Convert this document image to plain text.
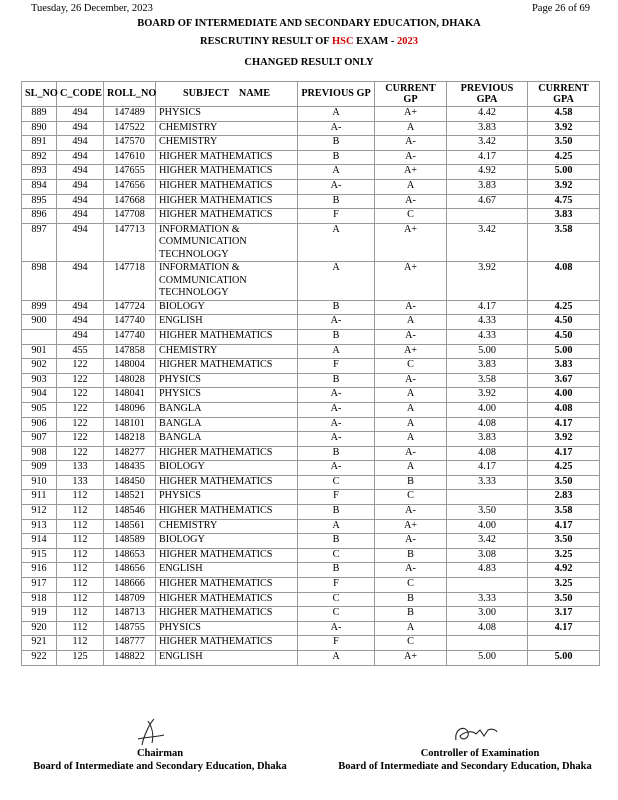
Tuesday, 26 December, 2023	Page 26 of 69
BOARD OF INTERMEDIATE AND SECONDARY EDUCATION, DHAKA
RESCRUTINY RESULT OF HSC EXAM - 2023
CHANGED RESULT ONLY
SL_NO	C_CODE	ROLL_NO	SUBJECT    NAME	PREVIOUS GP	CURRENT GP	PREVIOUS GPA	CURRENT GPA
889	494	147489	PHYSICS	A	A+	4.42	4.58
890	494	147522	CHEMISTRY	A-	A	3.83	3.92
891	494	147570	CHEMISTRY	B	A-	3.42	3.50
892	494	147610	HIGHER MATHEMATICS	B	A-	4.17	4.25
893	494	147655	HIGHER MATHEMATICS	A	A+	4.92	5.00
894	494	147656	HIGHER MATHEMATICS	A-	A	3.83	3.92
895	494	147668	HIGHER MATHEMATICS	B	A-	4.67	4.75
896	494	147708	HIGHER MATHEMATICS	F	C		3.83
897	494	147713	INFORMATION & COMMUNICATION TECHNOLOGY	A	A+	3.42	3.58
898	494	147718	INFORMATION & COMMUNICATION TECHNOLOGY	A	A+	3.92	4.08
899	494	147724	BIOLOGY	B	A-	4.17	4.25
900	494	147740	ENGLISH	A-	A	4.33	4.50
	494	147740	HIGHER MATHEMATICS	B	A-	4.33	4.50
901	455	147858	CHEMISTRY	A	A+	5.00	5.00
902	122	148004	HIGHER MATHEMATICS	F	C	3.83	3.83
903	122	148028	PHYSICS	B	A-	3.58	3.67
904	122	148041	PHYSICS	A-	A	3.92	4.00
905	122	148096	BANGLA	A-	A	4.00	4.08
906	122	148101	BANGLA	A-	A	4.08	4.17
907	122	148218	BANGLA	A-	A	3.83	3.92
908	122	148277	HIGHER MATHEMATICS	B	A-	4.08	4.17
909	133	148435	BIOLOGY	A-	A	4.17	4.25
910	133	148450	HIGHER MATHEMATICS	C	B	3.33	3.50
911	112	148521	PHYSICS	F	C		2.83
912	112	148546	HIGHER MATHEMATICS	B	A-	3.50	3.58
913	112	148561	CHEMISTRY	A	A+	4.00	4.17
914	112	148589	BIOLOGY	B	A-	3.42	3.50
915	112	148653	HIGHER MATHEMATICS	C	B	3.08	3.25
916	112	148656	ENGLISH	B	A-	4.83	4.92
917	112	148666	HIGHER MATHEMATICS	F	C		3.25
918	112	148709	HIGHER MATHEMATICS	C	B	3.33	3.50
919	112	148713	HIGHER MATHEMATICS	C	B	3.00	3.17
920	112	148755	PHYSICS	A-	A	4.08	4.17
921	112	148777	HIGHER MATHEMATICS	F	C		
922	125	148822	ENGLISH	A	A+	5.00	5.00
Chairman
Board of Intermediate and Secondary Education, Dhaka
Controller of Examination
Board of Intermediate and Secondary Education, Dhaka
